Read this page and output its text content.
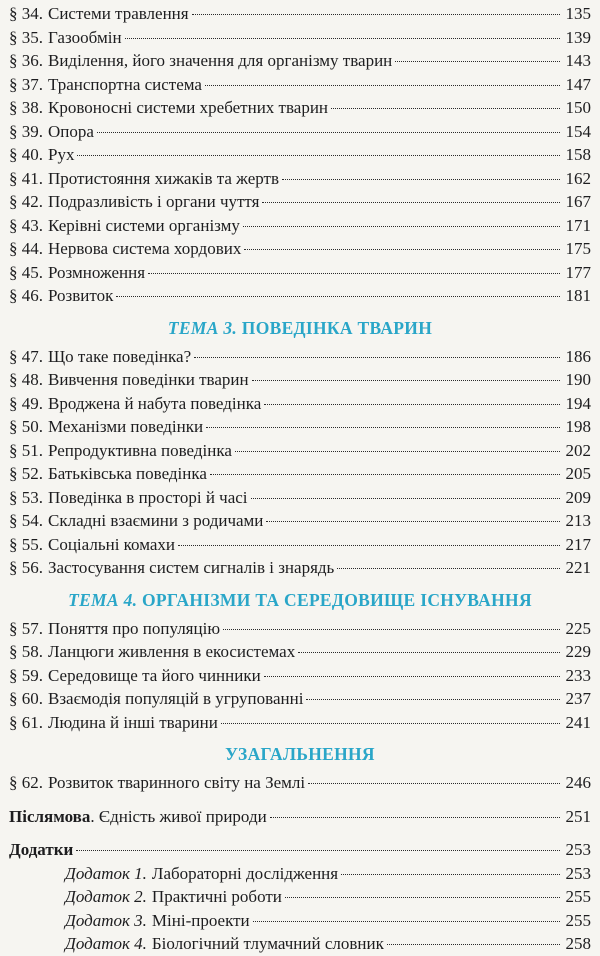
§ 34. Системи травлення	135
§ 35. Газообмін	139
§ 36. Виділення, його значення для організму тварин	143
§ 37. Транспортна система	147
§ 38. Кровоносні системи хребетних тварин	150
§ 39. Опора	154
§ 40. Рух	158
§ 41. Протистояння хижаків та жертв	162
§ 42. Подразливість і органи чуття	167
§ 43. Керівні системи організму	171
§ 44. Нервова система хордових	175
§ 45. Розмноження	177
§ 46. Розвиток	181
ТЕМА 3. ПОВЕДІНКА ТВАРИН
§ 47. Що таке поведінка?	186
§ 48. Вивчення поведінки тварин	190
§ 49. Вроджена й набута поведінка	194
§ 50. Механізми поведінки	198
§ 51. Репродуктивна поведінка	202
§ 52. Батьківська поведінка	205
§ 53. Поведінка в просторі й часі	209
§ 54. Складні взаємини з родичами	213
§ 55. Соціальні комахи	217
§ 56. Застосування систем сигналів і знарядь	221
ТЕМА 4. ОРГАНІЗМИ ТА СЕРЕДОВИЩЕ ІСНУВАННЯ
§ 57. Поняття про популяцію	225
§ 58. Ланцюги живлення в екосистемах	229
§ 59. Середовище та його чинники	233
§ 60. Взаємодія популяцій в угрупованні	237
§ 61. Людина й інші тварини	241
УЗАГАЛЬНЕННЯ
§ 62. Розвиток тваринного світу на Землі	246
Післямова . Єдність живої природи	251
Додатки	253
Додаток 1. Лабораторні дослідження	253
Додаток 2. Практичні роботи	255
Додаток 3. Міні-проекти	255
Додаток 4. Біологічний тлумачний словник	258
